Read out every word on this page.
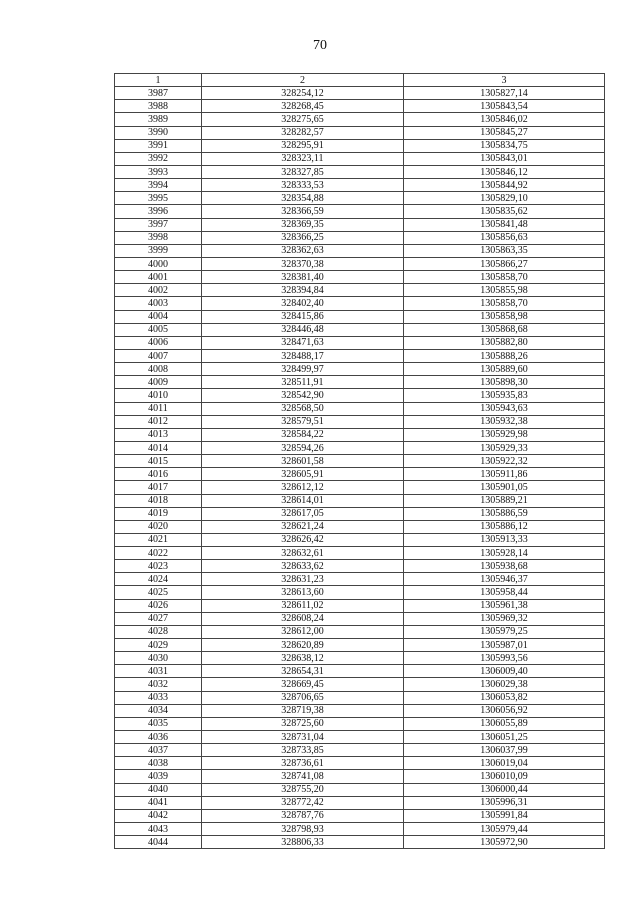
70
1	2	3
3987	328254,12	1305827,14
3988	328268,45	1305843,54
3989	328275,65	1305846,02
3990	328282,57	1305845,27
3991	328295,91	1305834,75
3992	328323,11	1305843,01
3993	328327,85	1305846,12
3994	328333,53	1305844,92
3995	328354,88	1305829,10
3996	328366,59	1305835,62
3997	328369,35	1305841,48
3998	328366,25	1305856,63
3999	328362,63	1305863,35
4000	328370,38	1305866,27
4001	328381,40	1305858,70
4002	328394,84	1305855,98
4003	328402,40	1305858,70
4004	328415,86	1305858,98
4005	328446,48	1305868,68
4006	328471,63	1305882,80
4007	328488,17	1305888,26
4008	328499,97	1305889,60
4009	328511,91	1305898,30
4010	328542,90	1305935,83
4011	328568,50	1305943,63
4012	328579,51	1305932,38
4013	328584,22	1305929,98
4014	328594,26	1305929,33
4015	328601,58	1305922,32
4016	328605,91	1305911,86
4017	328612,12	1305901,05
4018	328614,01	1305889,21
4019	328617,05	1305886,59
4020	328621,24	1305886,12
4021	328626,42	1305913,33
4022	328632,61	1305928,14
4023	328633,62	1305938,68
4024	328631,23	1305946,37
4025	328613,60	1305958,44
4026	328611,02	1305961,38
4027	328608,24	1305969,32
4028	328612,00	1305979,25
4029	328620,89	1305987,01
4030	328638,12	1305993,56
4031	328654,31	1306009,40
4032	328669,45	1306029,38
4033	328706,65	1306053,82
4034	328719,38	1306056,92
4035	328725,60	1306055,89
4036	328731,04	1306051,25
4037	328733,85	1306037,99
4038	328736,61	1306019,04
4039	328741,08	1306010,09
4040	328755,20	1306000,44
4041	328772,42	1305996,31
4042	328787,76	1305991,84
4043	328798,93	1305979,44
4044	328806,33	1305972,90
